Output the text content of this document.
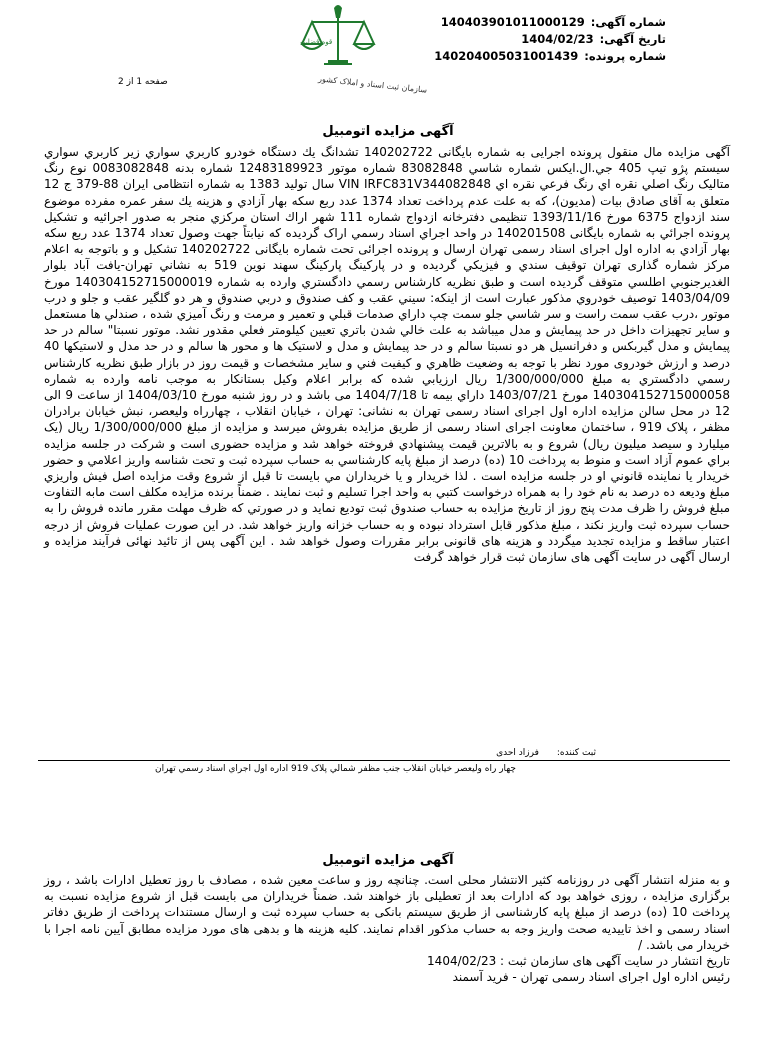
شماره آگهی:
140403901011000129
تاریخ آگهی:
1404/02/23
شماره پرونده:
140204005031001439
قوه قضاییه
سازمان ثبت اسناد و املاک کشور
صفحه 1 از 2
آگهی مزایده اتومبیل

آگهی مزایده مال منقول پرونده اجرایی به شماره بایگانی 140202722 تشدانگ یك دستگاه خودرو کاربري سواري زير کاربري سواري سيستم پژو تيپ 405 جي.ال.ايكس شماره شاسي 83082848 شماره موتور 12483189923 شماره بدنه 0083082848 نوع رنگ متاليک رنگ اصلي نقره اي رنگ فرعي نقره اي VIN IRFC831V344082848 سال توليد 1383 به شماره انتظامی ایران 88-379 ج 12 متعلق به آقای صادق بیات (مدیون)، که به علت عدم پرداخت تعداد 1374 عدد ربع سکه بهار آزادي و هزينه يك سفر عمره مفرده موضوع سند ازدواج 6375 مورخ 1393/11/16 تنظیمی دفترخانه ازدواج شماره 111 شهر اراك استان مرکزي منجر به صدور اجرائيه و تشكيل پرونده اجرائي به شماره بایگانی 140201508 در واحد اجراي اسناد رسمي اراک گردیده كه نيابتاً جهت وصول تعداد 1374 عدد ربع سكه بهار آزادي به اداره اول اجرای اسناد رسمی تهران ارسال و پرونده اجرائی تحت شماره بایگانی 140202722 تشکیل و و باتوجه به اعلام مرکز شماره گذاری تهران توقیف سندي و فيزيكي گرديده و در پاركينگ پاركينگ سهند نوين 519 به نشاني تهران-يافت آباد بلوار الغديرجنوبي اطلسي متوقف گرديده است و طبق نظريه كارشناس رسمي دادگستري وارده به شماره 140304152715000019 مورخ 1403/04/09 توصيف خودروي مذكور عبارت است از اينكه: سيني عقب و کف صندوق و دربي صندوق و هر دو گلگير عقب و جلو و درب موتور ،درب عقب سمت راست و سر شاسي جلو سمت چپ داراي صدمات قبلي و تعمير و مرمت و رنگ آميزي شده ، صندلي ها مستعمل و ساير تجهيزات داخل در حد پيمايش و مدل ميباشد به علت خالي شدن باتري تعيين كيلومتر فعلي مقدور نشد. موتور نسبتا" سالم در حد پيمايش و مدل گيربكس و دفرانسيل هر دو نسبتا سالم و در حد پيمايش و مدل و لاستيک ها و محور ها سالم و در حد مدل و لاستيکها 40 درصد و ارزش خودروی مورد نظر با توجه به وضعيت ظاهري و كيفيت فني و ساير مشخصات و قيمت روز در بازار طبق نظريه كارشناس رسمي دادگستري به مبلغ 1/300/000/000 ريال ارزيابي شده كه برابر اعلام وكيل بستانكار به موجب نامه وارده به شماره 140304152715000058 مورخ 1403/07/21 داراي بيمه تا 1404/7/18 می باشد و در روز شنبه مورخ 1404/03/10 از ساعت 9 الی 12 در محل سالن مزایده اداره اول اجرای اسناد رسمی تهران به نشانی: تهران ، خیابان انقلاب ، چهارراه ولیعصر، نبش خیابان برادران مظفر ، پلاک 919 ، ساختمان معاونت اجرای اسناد رسمی از طریق مزایده بفروش میرسد و مزایده از مبلغ 1/300/000/000 ريال (يک ميليارد و سيصد ميليون ريال) شروع و به بالاترين قيمت پيشنهادي فروخته خواهد شد و مزايده حضوری است و شرکت در جلسه مزايده براي عموم آزاد است و منوط به پرداخت 10 (ده) درصد از مبلغ پايه كارشناسي به حساب سپرده ثبت و تحت شناسه واريز اعلامي و حضور خريدار يا نماينده قانوني او در جلسه مزايده است . لذا خريدار و يا خريداران مي بايست تا قبل از شروع وقت مزايده اصل فيش واريزي مبلغ وديعه ده درصد به نام خود را به همراه درخواست کتبي به واحد اجرا تسليم و ثبت نمايند . ضمناً برنده مزایده مکلف است مابه التفاوت مبلغ فروش را ظرف مدت پنج روز از تاريخ مزايده به حساب صندوق ثبت توديع نمايد و در صورتي كه ظرف مهلت مقرر مانده فروش را به حساب سپرده ثبت واريز نكند ، مبلغ مذکور قابل استرداد نبوده و به حساب خزانه واريز خواهد شد. در این صورت عملیات فروش از درجه اعتبار ساقط و مزایده تجدید میگردد و هزینه های قانونی برابر مقررات وصول خواهد شد . این آگهی پس از تائید نهائی فرآیند مزایده و ارسال آگهی در سایت آگهی های سازمان ثبت قرار خواهد گرفت

ثبت کننده:
فرزاد احدی
چهار راه وليعصر خيابان انقلاب جنب مظفر شمالي پلاک 919 اداره اول اجراي اسناد رسمي تهران
آگهی مزایده اتومبیل

و به منزله انتشار آگهی در روزنامه کثیر الانتشار محلی است. چنانچه روز و ساعت معین شده ، مصادف با روز تعطیل ادارات باشد ، روز برگزاری مزایده ، روزی خواهد بود که ادارات بعد از تعطیلی باز خواهند شد. ضمناً خریداران می بایست قبل از شروع مزایده نسبت به پرداخت 10 (ده) درصد از مبلغ پایه کارشناسی از طریق سیستم بانکی به حساب سپرده ثبت و ارسال مستندات پرداخت از طریق دفاتر اسناد رسمی و اخذ تاییدیه صحت واریز وجه به حساب مذکور اقدام نمایند. کلیه هزینه ها و بدهی های مورد مزایده مطابق آیین نامه اجرا با خریدار می باشد. /

تاریخ انتشار در سایت آگهی های سازمان ثبت : 1404/02/23

رئیس اداره اول اجرای اسناد رسمی تهران - فرید آسمند
